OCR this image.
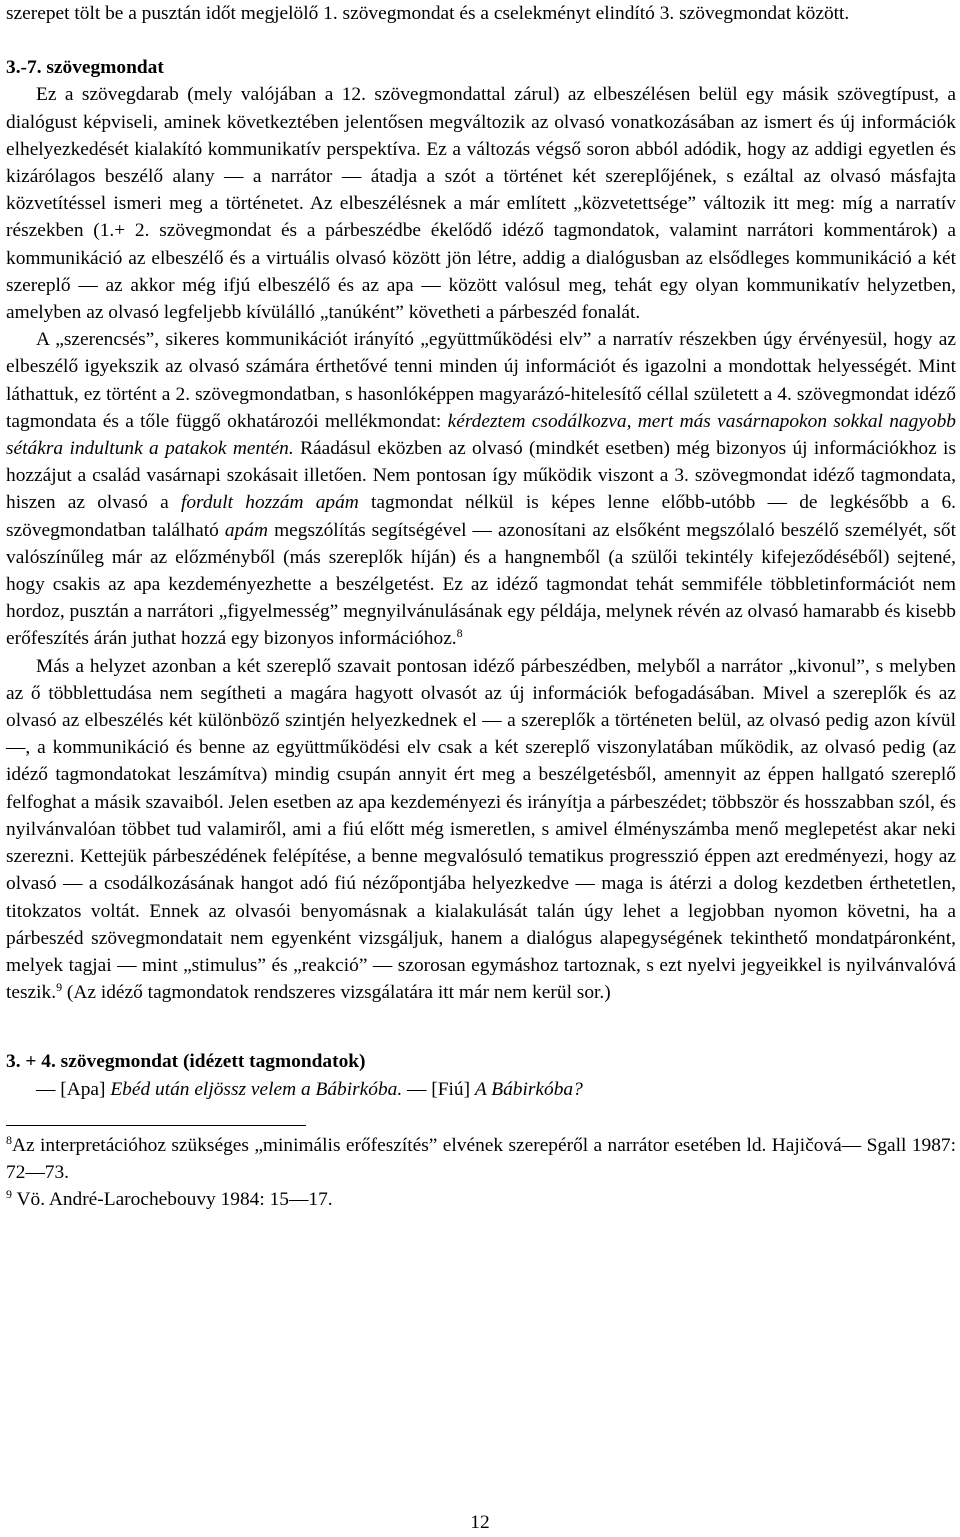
szerepet tölt be a pusztán időt megjelölő 1. szövegmondat és a cselekményt elindító 3. szövegmondat között.

3.-7. szövegmondat

Ez a szövegdarab (mely valójában a 12. szövegmondattal zárul) az elbeszélésen belül egy másik szövegtípust, a dialógust képviseli, aminek következtében jelentősen megváltozik az olvasó vonatkozásában az ismert és új információk elhelyezkedését kialakító kommunikatív perspektíva. Ez a változás végső soron abból adódik, hogy az addigi egyetlen és kizárólagos beszélő alany — a narrátor — átadja a szót a történet két szereplőjének, s ezáltal az olvasó másfajta közvetítéssel ismeri meg a történetet. Az elbeszélésnek a már említett „közvetettsége” változik itt meg: míg a narratív részekben (1.+ 2. szövegmondat és a párbeszédbe ékelődő idéző tagmondatok, valamint narrátori kommentárok) a kommunikáció az elbeszélő és a virtuális olvasó között jön létre, addig a dialógusban az elsődleges kommunikáció a két szereplő — az akkor még ifjú elbeszélő és az apa — között valósul meg, tehát egy olyan kommunikatív helyzetben, amelyben az olvasó legfeljebb kívülálló „tanúként” követheti a párbeszéd fonalát.

A „szerencsés”, sikeres kommunikációt irányító „együttműködési elv” a narratív részekben úgy érvényesül, hogy az elbeszélő igyekszik az olvasó számára érthetővé tenni minden új információt és igazolni a mondottak helyességét. Mint láthattuk, ez történt a 2. szövegmondatban, s hasonlóképpen magyarázó-hitelesítő céllal született a 4. szövegmondat idéző tagmondata és a tőle függő okhatározói mellékmondat: kérdeztem csodálkozva, mert más vasárnapokon sokkal nagyobb sétákra indultunk a patakok mentén. Ráadásul eközben az olvasó (mindkét esetben) még bizonyos új információkhoz is hozzájut a család vasárnapi szokásait illetően. Nem pontosan így működik viszont a 3. szövegmondat idéző tagmondata, hiszen az olvasó a fordult hozzám apám tagmondat nélkül is képes lenne előbb-utóbb — de legkésőbb a 6. szövegmondatban található apám megszólítás segítségével — azonosítani az elsőként megszólaló beszélő személyét, sőt valószínűleg már az előzményből (más szereplők híján) és a hangnemből (a szülői tekintély kifejeződéséből) sejtené, hogy csakis az apa kezdeményezhette a beszélgetést. Ez az idéző tagmondat tehát semmiféle többletinformációt nem hordoz, pusztán a narrátori „figyelmesség” megnyilvánulásának egy példája, melynek révén az olvasó hamarabb és kisebb erőfeszítés árán juthat hozzá egy bizonyos információhoz.$^8$

Más a helyzet azonban a két szereplő szavait pontosan idéző párbeszédben, melyből a narrátor „kivonul”, s melyben az ő többlettudása nem segítheti a magára hagyott olvasót az új információk befogadásában. Mivel a szereplők és az olvasó az elbeszélés két különböző szintjén helyezkednek el — a szereplők a történeten belül, az olvasó pedig azon kívül —, a kommunikáció és benne az együttműködési elv csak a két szereplő viszonylatában működik, az olvasó pedig (az idéző tagmondatokat leszámítva) mindig csupán annyit ért meg a beszélgetésből, amennyit az éppen hallgató szereplő felfoghat a másik szavaiból. Jelen esetben az apa kezdeményezi és irányítja a párbeszédet; többször és hosszabban szól, és nyilvánvalóan többet tud valamiről, ami a fiú előtt még ismeretlen, s amivel élményszámba menő meglepetést akar neki szerezni. Kettejük párbeszédének felépítése, a benne megvalósuló tematikus progresszió éppen azt eredményezi, hogy az olvasó — a csodálkozásának hangot adó fiú nézőpontjába helyezkedve — maga is átérzi a dolog kezdetben érthetetlen, titokzatos voltát. Ennek az olvasói benyomásnak a kialakulását talán úgy lehet a legjobban nyomon követni, ha a párbeszéd szövegmondatait nem egyenként vizsgáljuk, hanem a dialógus alapegységének tekinthető mondatpáronként, melyek tagjai — mint „stimulus” és „reakció” — szorosan egymáshoz tartoznak, s ezt nyelvi jegyeikkel is nyilvánvalóvá teszik.$^9$ (Az idéző tagmondatok rendszeres vizsgálatára itt már nem kerül sor.)

3. + 4. szövegmondat (idézett tagmondatok)

— [Apa] Ebéd után eljössz velem a Bábirkóba. — [Fiú] A Bábirkóba?

$^8$Az interpretációhoz szükséges „minimális erőfeszítés” elvének szerepéről a narrátor esetében ld. Hajičová— Sgall 1987: 72—73.

$^9$ Vö. André-Larochebouvy 1984: 15—17.

12
